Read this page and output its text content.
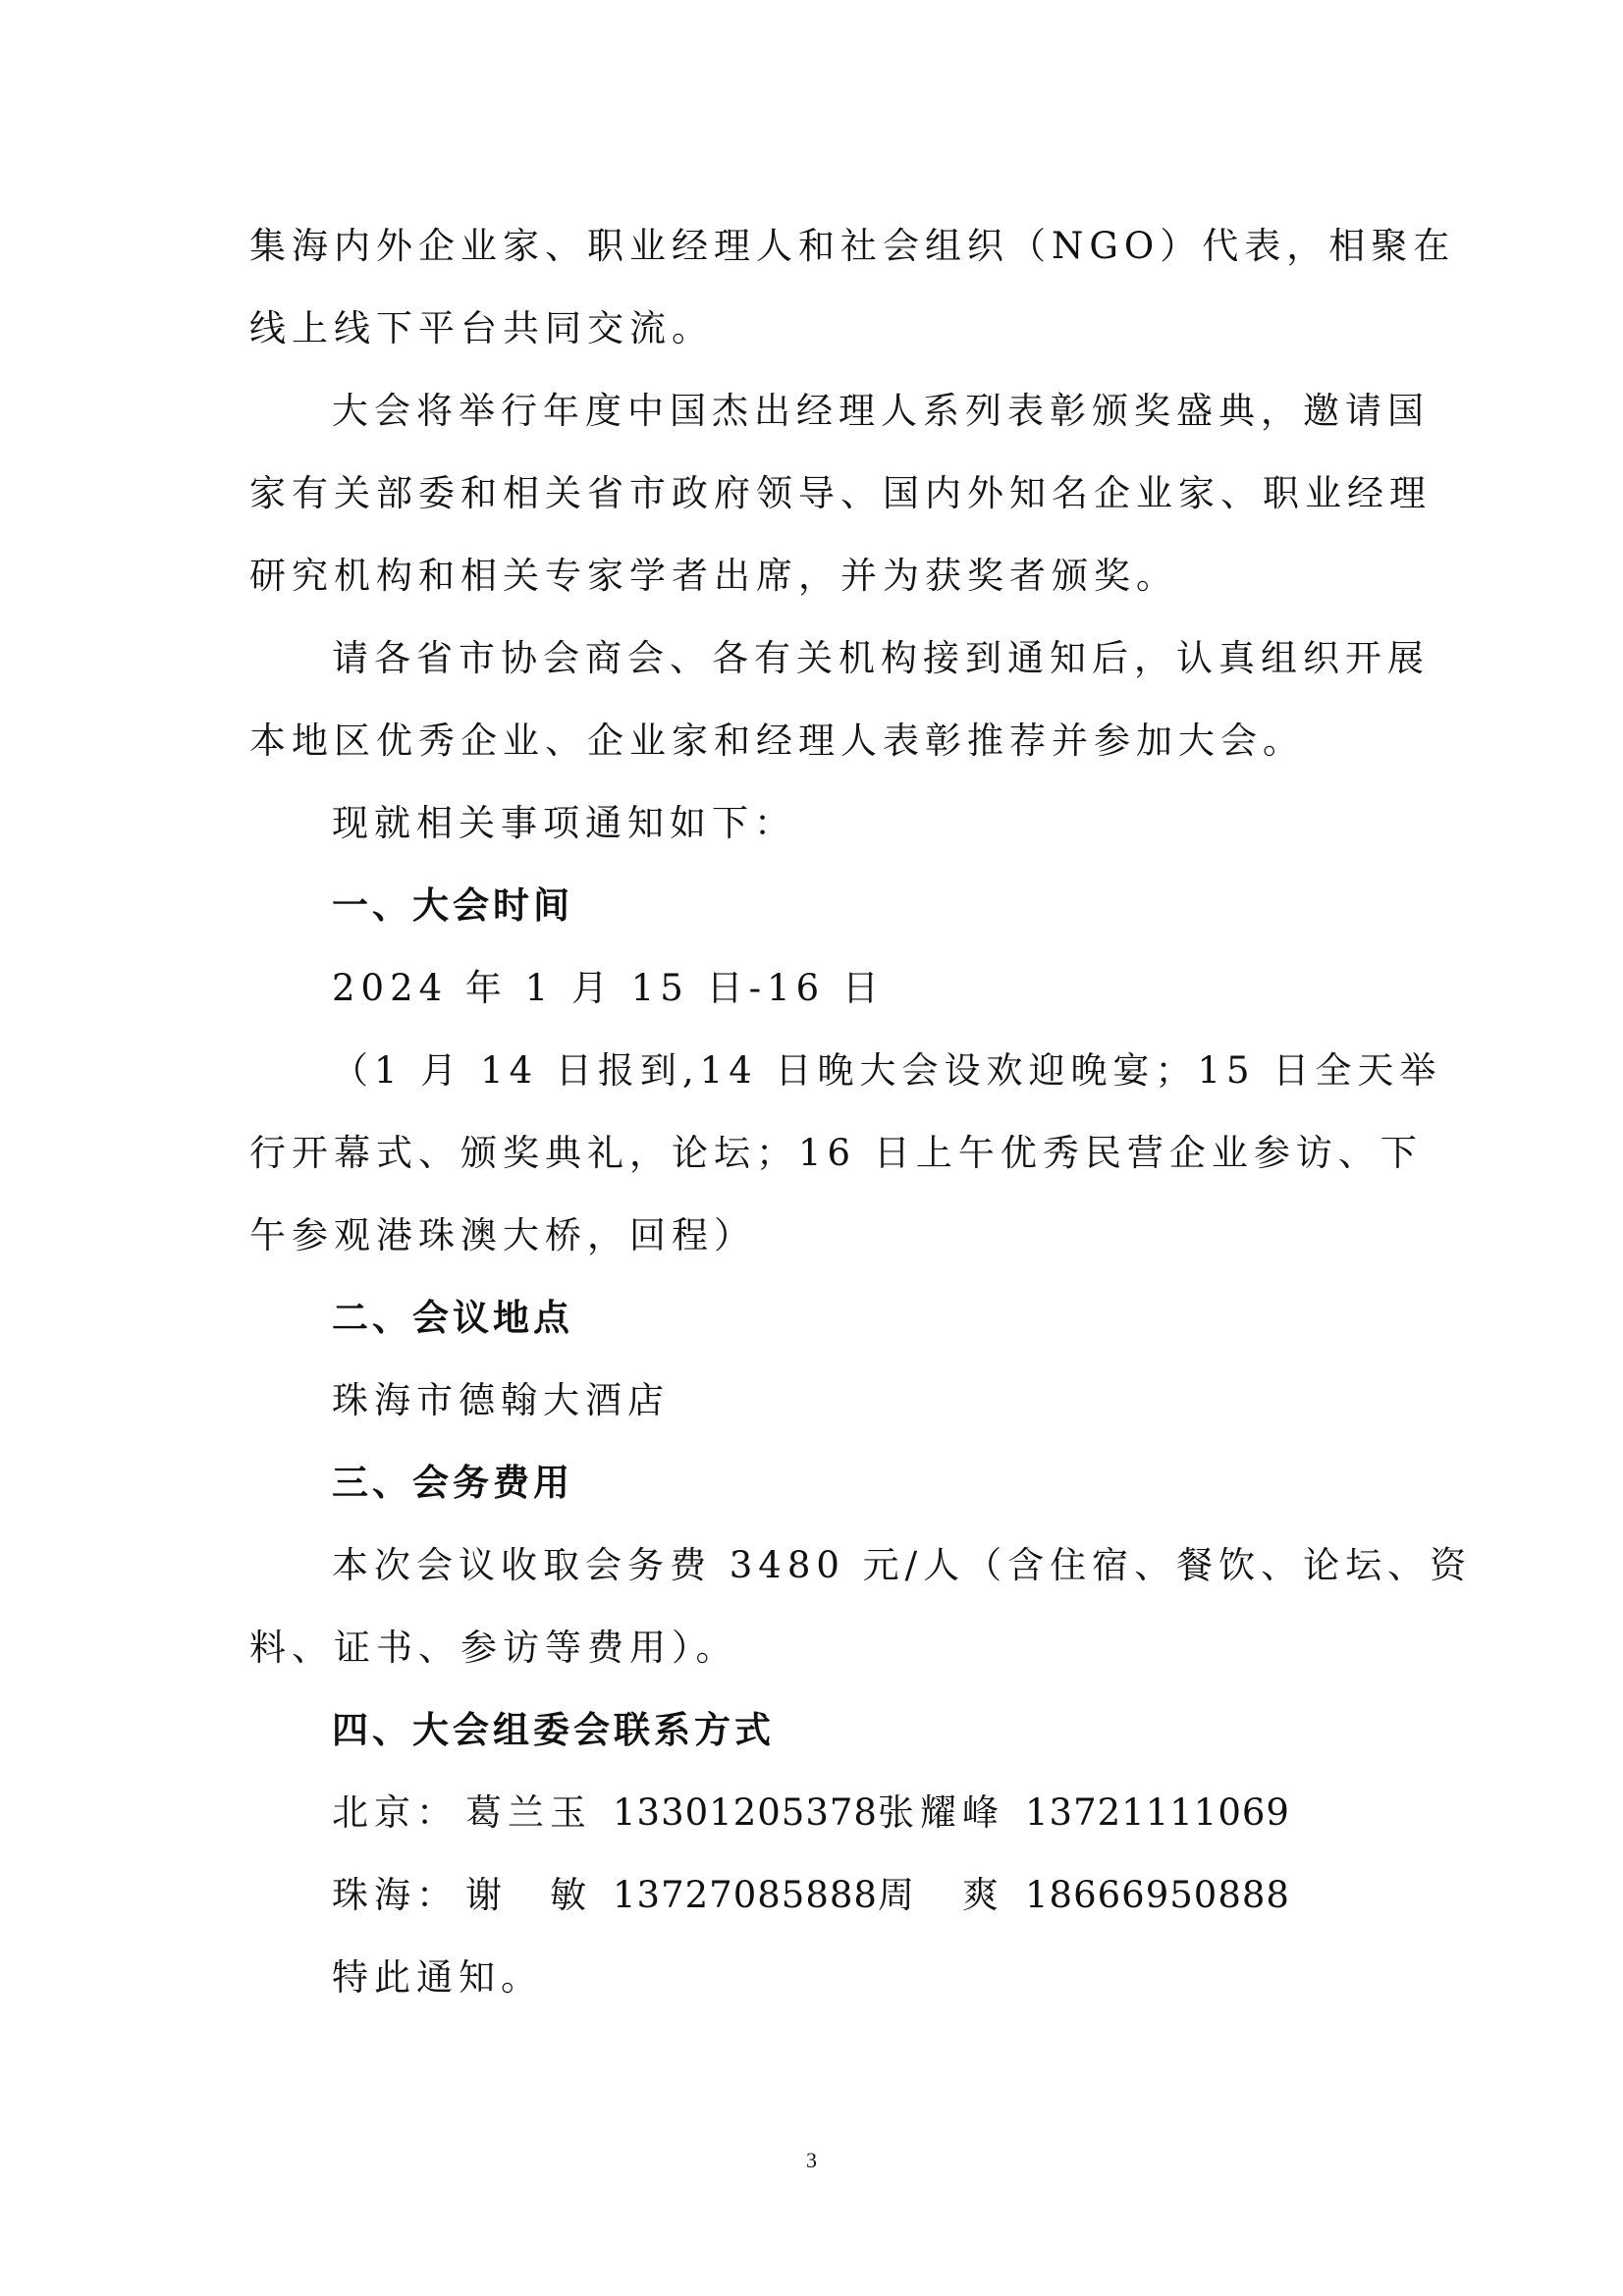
集海内外企业家、职业经理人和社会组织（NGO）代表，相聚在
线上线下平台共同交流。
大会将举行年度中国杰出经理人系列表彰颁奖盛典，邀请国
家有关部委和相关省市政府领导、国内外知名企业家、职业经理
研究机构和相关专家学者出席，并为获奖者颁奖。
请各省市协会商会、各有关机构接到通知后，认真组织开展
本地区优秀企业、企业家和经理人表彰推荐并参加大会。
现就相关事项通知如下：
一、大会时间
2024 年 1 月 15 日-16 日
（1 月 14 日报到,14 日晚大会设欢迎晚宴；15 日全天举
行开幕式、颁奖典礼，论坛；16 日上午优秀民营企业参访、下
午参观港珠澳大桥，回程）
二、会议地点
珠海市德翰大酒店
三、会务费用
本次会议收取会务费 3480 元/人（含住宿、餐饮、论坛、资
料、证书、参访等费用）。
四、大会组委会联系方式
北京： 葛兰玉 13301205378张耀峰 13721111069
珠海： 谢　敏 13727085888周　爽 18666950888
特此通知。
3
